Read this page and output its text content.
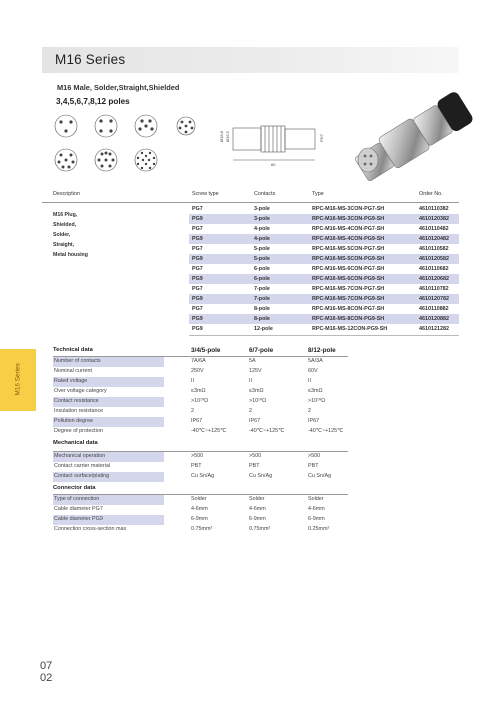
M16 Series
M16 Male, Solder,Straight,Shielded
3,4,5,6,7,8,12 poles
Ø18.8 Ø16.5	PG7
60
Description	Screw type	Contacts	Type	Order No.
M16 Plug,
Shielded,
Solder,
Straight,
Metal housing
PG7	3-pole	RPC-M16-MS-3CON-PG7-SH	4610110382
PG9	3-pole	RPC-M16-MS-3CON-PG9-SH	4610120382
PG7	4-pole	RPC-M16-MS-4CON-PG7-SH	4610110482
PG9	4-pole	RPC-M16-MS-4CON-PG9-SH	4610120482
PG7	5-pole	RPC-M16-MS-5CON-PG7-SH	4610110582
PG9	5-pole	RPC-M16-MS-5CON-PG9-SH	4610120582
PG7	6-pole	RPC-M16-MS-6CON-PG7-SH	4610110682
PG9	6-pole	RPC-M16-MS-6CON-PG9-SH	4610120682
PG7	7-pole	RPC-M16-MS-7CON-PG7-SH	4610110782
PG9	7-pole	RPC-M16-MS-7CON-PG9-SH	4610120782
PG7	8-pole	RPC-M16-MS-8CON-PG7-SH	4610110882
PG9	8-pole	RPC-M16-MS-8CON-PG9-SH	4610120882
PG9	12-pole	RPC-M16-MS-12CON-PG9-SH	4610121282
M16 Series
Technical data	3/4/5-pole	6/7-pole	8/12-pole
Number of contacts	7A/6A	5A	5A/3A
Nominal current	250V	125V	60V
Rated voltage	II	II	II
Over voltage category	≤3mΩ	≤3mΩ	≤3mΩ
Contact resistance	>10¹⁰Ω	>10¹⁰Ω	>10¹⁰Ω
Insulation resistance	2	2	2
Pollution degree	IP67	IP67	IP67
Degree of protection	-40℃~+125℃	-40℃~+125℃	-40℃~+125℃
Mechanical data
Mechanical operation	>500	>500	>500
Contact carrier material	PBT	PBT	PBT
Contact surface/plating	Cu Sn/Ag	Cu Sn/Ag	Cu Sn/Ag
Connector data
Type of connection	Solder	Solder	Solder
Cable diameter PG7	4-6mm	4-6mm	4-6mm
Cable diameter PG9	6-9mm	6-9mm	6-9mm
Connection cross-section max	0.75mm²	0.75mm²	0.25mm²
07
02
